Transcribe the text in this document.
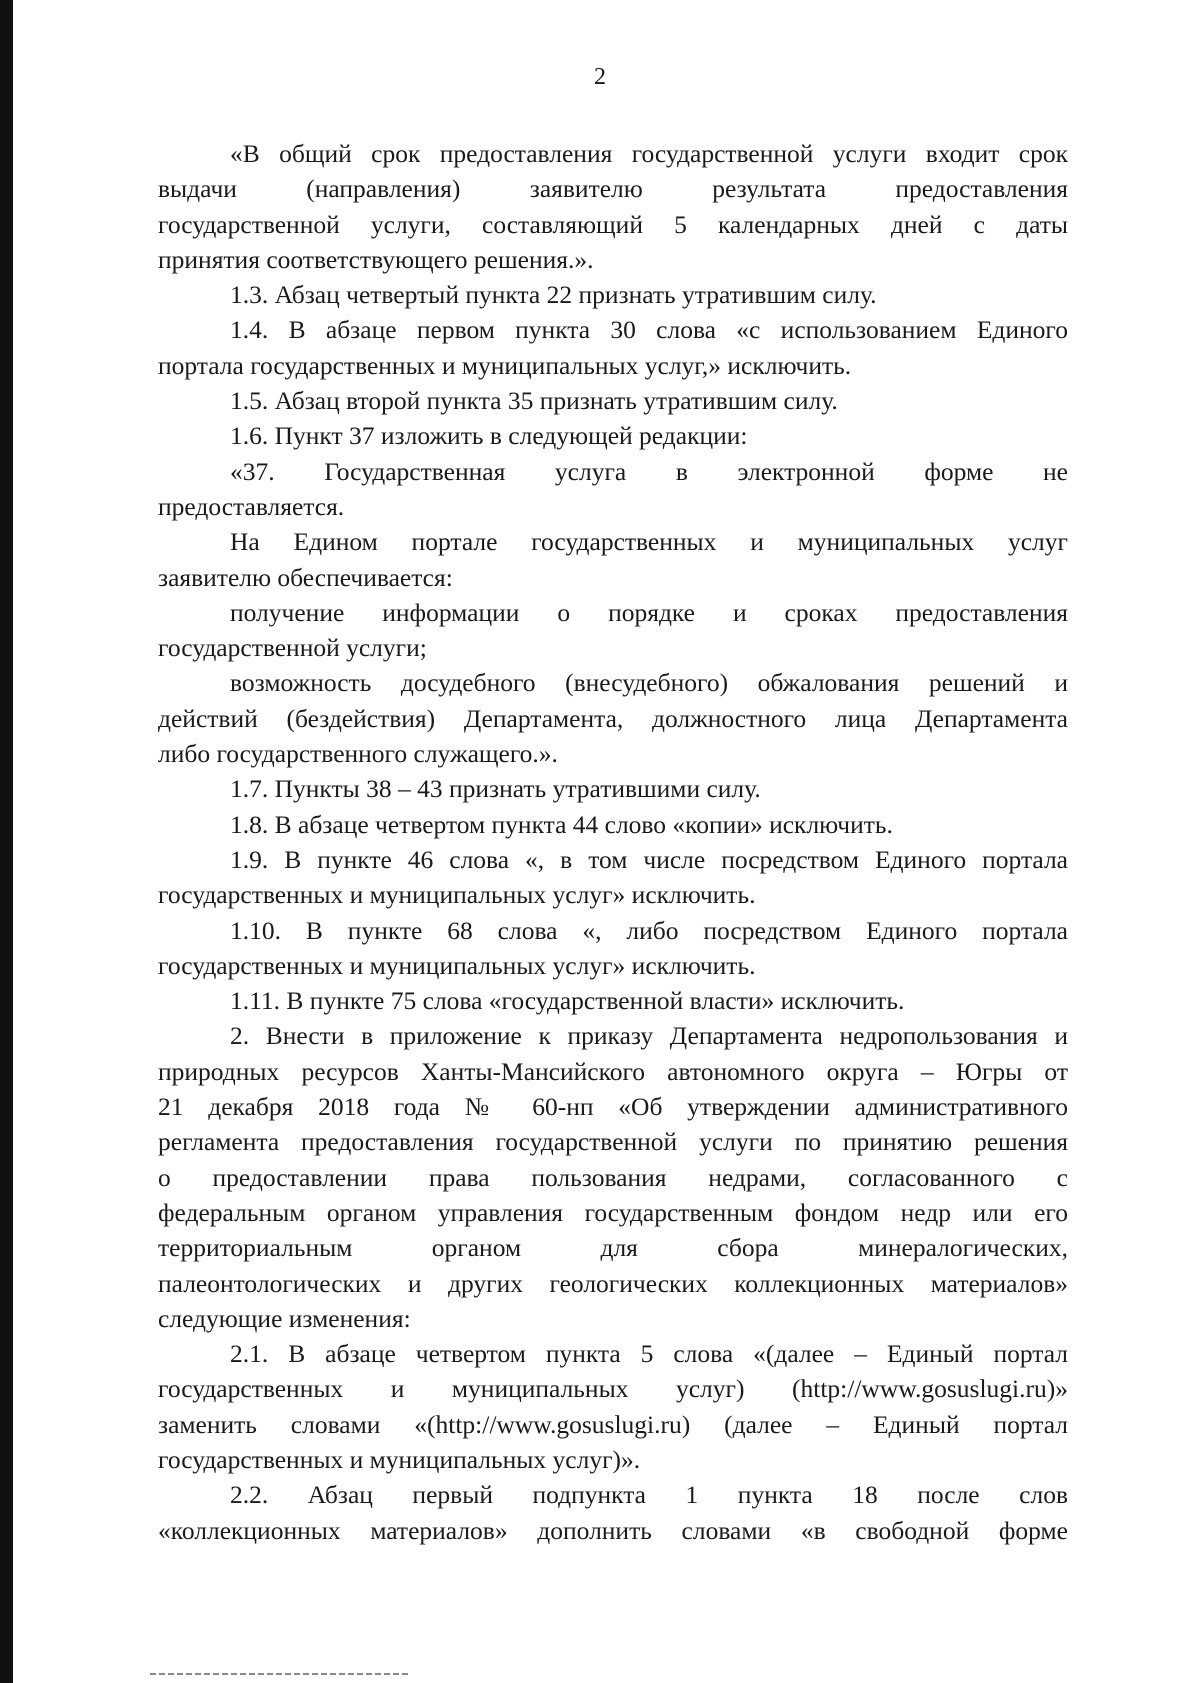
2
«В общий срок предоставления государственной услуги входит срок
выдачи (направления) заявителю результата предоставления
государственной услуги, составляющий 5 календарных дней с даты
принятия соответствующего решения.».
1.3. Абзац четвертый пункта 22 признать утратившим силу.
1.4. В абзаце первом пункта 30 слова «с использованием Единого
портала государственных и муниципальных услуг,» исключить.
1.5. Абзац второй пункта 35 признать утратившим силу.
1.6. Пункт 37 изложить в следующей редакции:
«37. Государственная услуга в электронной форме не
предоставляется.
На Едином портале государственных и муниципальных услуг
заявителю обеспечивается:
получение информации о порядке и сроках предоставления
государственной услуги;
возможность досудебного (внесудебного) обжалования решений и
действий (бездействия) Департамента, должностного лица Департамента
либо государственного служащего.».
1.7. Пункты 38 – 43 признать утратившими силу.
1.8. В абзаце четвертом пункта 44 слово «копии» исключить.
1.9. В пункте 46 слова «, в том числе посредством Единого портала
государственных и муниципальных услуг» исключить.
1.10. В пункте 68 слова «, либо посредством Единого портала
государственных и муниципальных услуг» исключить.
1.11. В пункте 75 слова «государственной власти» исключить.
2. Внести в приложение к приказу Департамента недропользования и
природных ресурсов Ханты-Мансийского автономного округа – Югры от
21 декабря 2018 года № 60-нп «Об утверждении административного
регламента предоставления государственной услуги по принятию решения
о предоставлении права пользования недрами, согласованного с
федеральным органом управления государственным фондом недр или его
территориальным органом для сбора минералогических,
палеонтологических и других геологических коллекционных материалов»
следующие изменения:
2.1. В абзаце четвертом пункта 5 слова «(далее – Единый портал
государственных и муниципальных услуг) (http://www.gosuslugi.ru)»
заменить словами «(http://www.gosuslugi.ru) (далее – Единый портал
государственных и муниципальных услуг)».
2.2. Абзац первый подпункта 1 пункта 18 после слов
«коллекционных материалов» дополнить словами «в свободной форме
